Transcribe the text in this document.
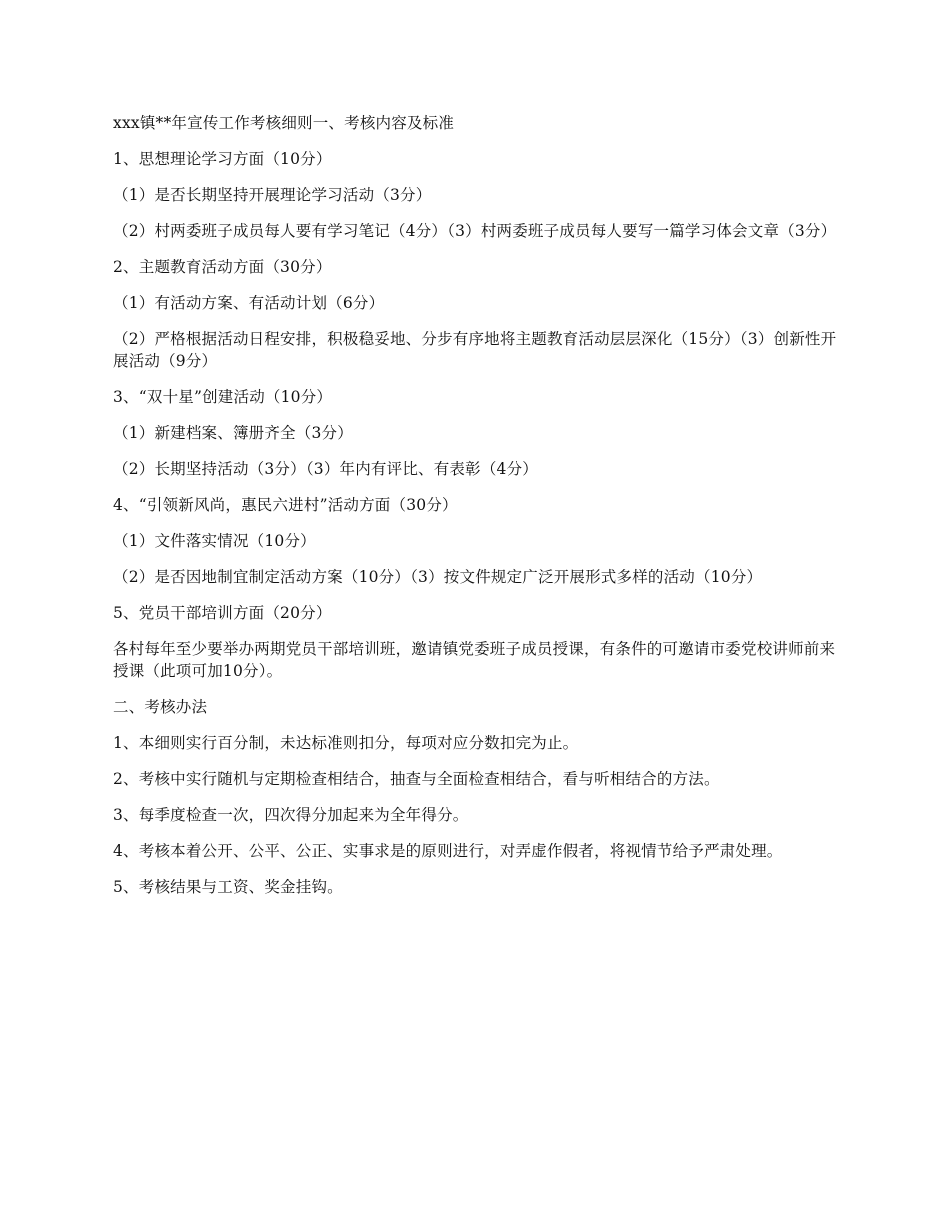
xxx镇**年宣传工作考核细则一、考核内容及标准

1、思想理论学习方面（10分）

（1）是否长期坚持开展理论学习活动（3分）

（2）村两委班子成员每人要有学习笔记（4分）（3）村两委班子成员每人要写一篇学习体会文章（3分）

2、主题教育活动方面（30分）

（1）有活动方案、有活动计划（6分）

（2）严格根据活动日程安排，积极稳妥地、分步有序地将主题教育活动层层深化（15分）（3）创新性开展活动（9分）

3、“双十星”创建活动（10分）

（1）新建档案、簿册齐全（3分）

（2）长期坚持活动（3分）（3）年内有评比、有表彰（4分）

4、“引领新风尚，惠民六进村”活动方面（30分）

（1）文件落实情况（10分）

（2）是否因地制宜制定活动方案（10分）（3）按文件规定广泛开展形式多样的活动（10分）

5、党员干部培训方面（20分）

各村每年至少要举办两期党员干部培训班，邀请镇党委班子成员授课，有条件的可邀请市委党校讲师前来授课（此项可加10分）。

二、考核办法

1、本细则实行百分制，未达标准则扣分，每项对应分数扣完为止。

2、考核中实行随机与定期检查相结合，抽查与全面检查相结合，看与听相结合的方法。

3、每季度检查一次，四次得分加起来为全年得分。

4、考核本着公开、公平、公正、实事求是的原则进行，对弄虚作假者，将视情节给予严肃处理。

5、考核结果与工资、奖金挂钩。
